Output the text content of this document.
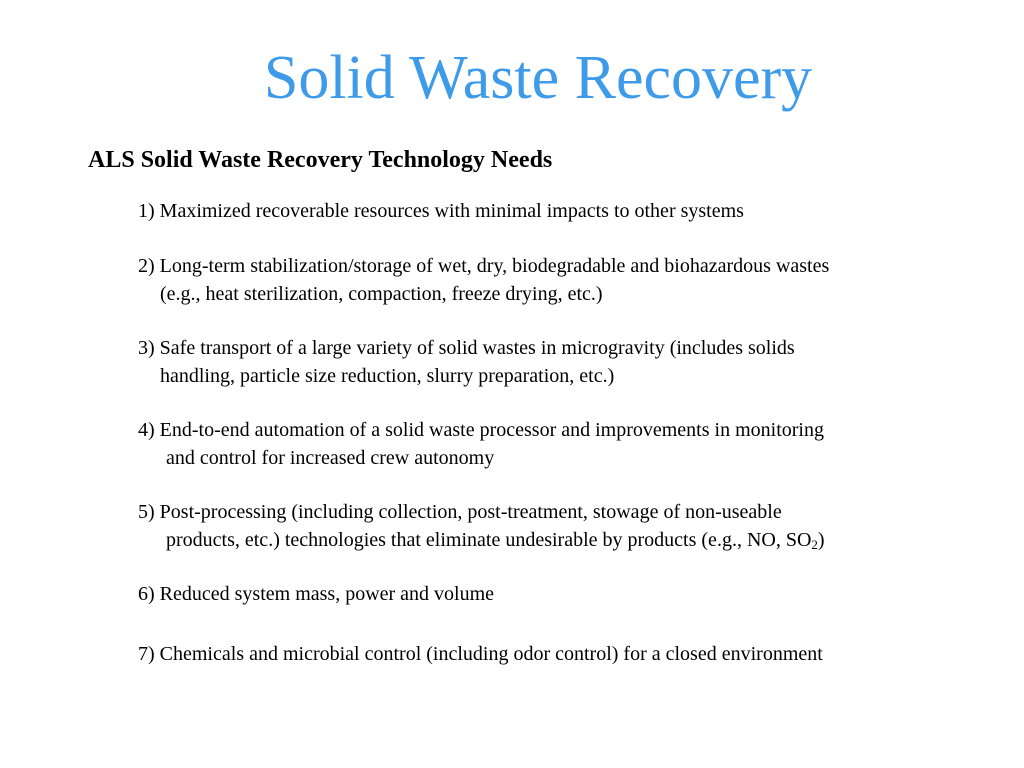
Solid Waste Recovery
ALS Solid Waste Recovery Technology Needs
1) Maximized recoverable resources with minimal impacts to other systems
2) Long-term stabilization/storage of wet, dry, biodegradable and biohazardous wastes
(e.g., heat sterilization, compaction, freeze drying, etc.)
3) Safe transport of a large variety of solid wastes in microgravity (includes solids
handling, particle size reduction, slurry preparation, etc.)
4) End-to-end automation of a solid waste processor and improvements in monitoring
and control for increased crew autonomy
5) Post-processing (including collection, post-treatment, stowage of non-useable
products, etc.) technologies that eliminate undesirable by products (e.g., NO, $SO_2$)
6) Reduced system mass, power and volume
7) Chemicals and microbial control (including odor control) for a closed environment
